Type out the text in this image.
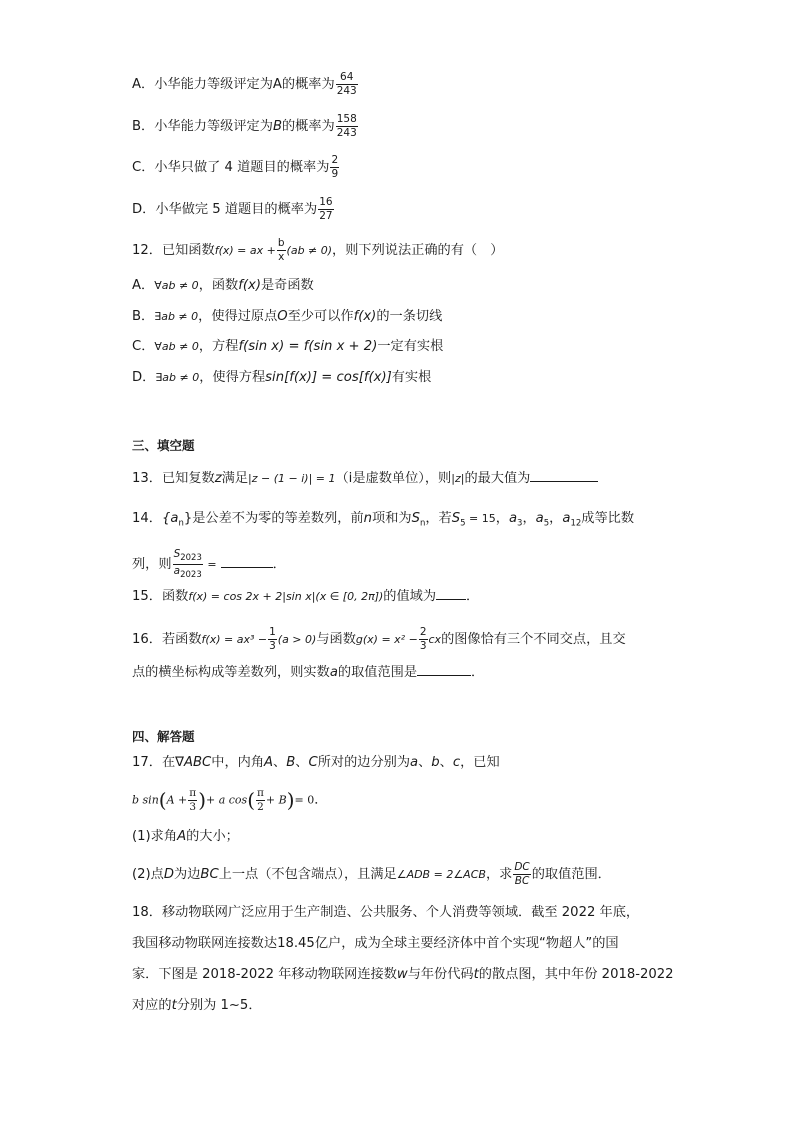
A．小华能力等级评定为A的概率为 $\frac{64}{243}$
B．小华能力等级评定为B的概率为 $\frac{158}{243}$
C．小华只做了 4 道题目的概率为 $\frac{2}{9}$
D．小华做完 5 道题目的概率为 $\frac{16}{27}$
12．已知函数f(x) = ax + $\frac{b}{x} (ab \ne 0)$，则下列说法正确的有（　）
A．∀ab ≠ 0，函数f(x)是奇函数
B．∃ab ≠ 0，使得过原点O至少可以作f(x)的一条切线
C．∀ab ≠ 0，方程f(sin x) = f(sin x + 2)一定有实根
D．∃ab ≠ 0，使得方程sin[f(x)] = cos[f(x)]有实根
三、填空题
13．已知复数z满足|z − (1 − i)| = 1（i是虚数单位），则|z|的最大值为
14．$\{a_n\}$是公差不为零的等差数列，前n项和为$S_n$，若$S_5 = 15$，$a_3$，$a_5$，$a_{12}$成等比数
列，则 $\frac{S_{2023}}{a_{2023}}$ =	．
15．函数f(x) = cos 2x + 2|sin x|(x ∈ [0, 2π])的值域为 ．
16．若函数$f(x) = ax^3 - \frac{1}{3} (a > 0)$与函数$g(x) = x^2 - \frac{2}{3}$ cx的图像恰有三个不同交点，且交
点的横坐标构成等差数列，则实数a的取值范围是	．
四、解答题
17．在∇ABC中，内角A、B、C所对的边分别为a、b、c，已知
b $\sin(A + \frac{\pi}{3}$ )+ a $\cos( \frac{\pi}{2} + B)= 0$．
(1)求角A的大小；
(2)点D为边BC上一点（不包含端点），且满足∠ADB = 2∠ACB，求 $\frac{DC}{BC}$ 的取值范围．
18．移动物联网广泛应用于生产制造、公共服务、个人消费等领域．截至 2022 年底，
我国移动物联网连接数达18.45亿户，成为全球主要经济体中首个实现“物超人”的国
家．下图是 2018-2022 年移动物联网连接数w与年份代码t的散点图，其中年份 2018-2022
对应的t分别为 1~5．
